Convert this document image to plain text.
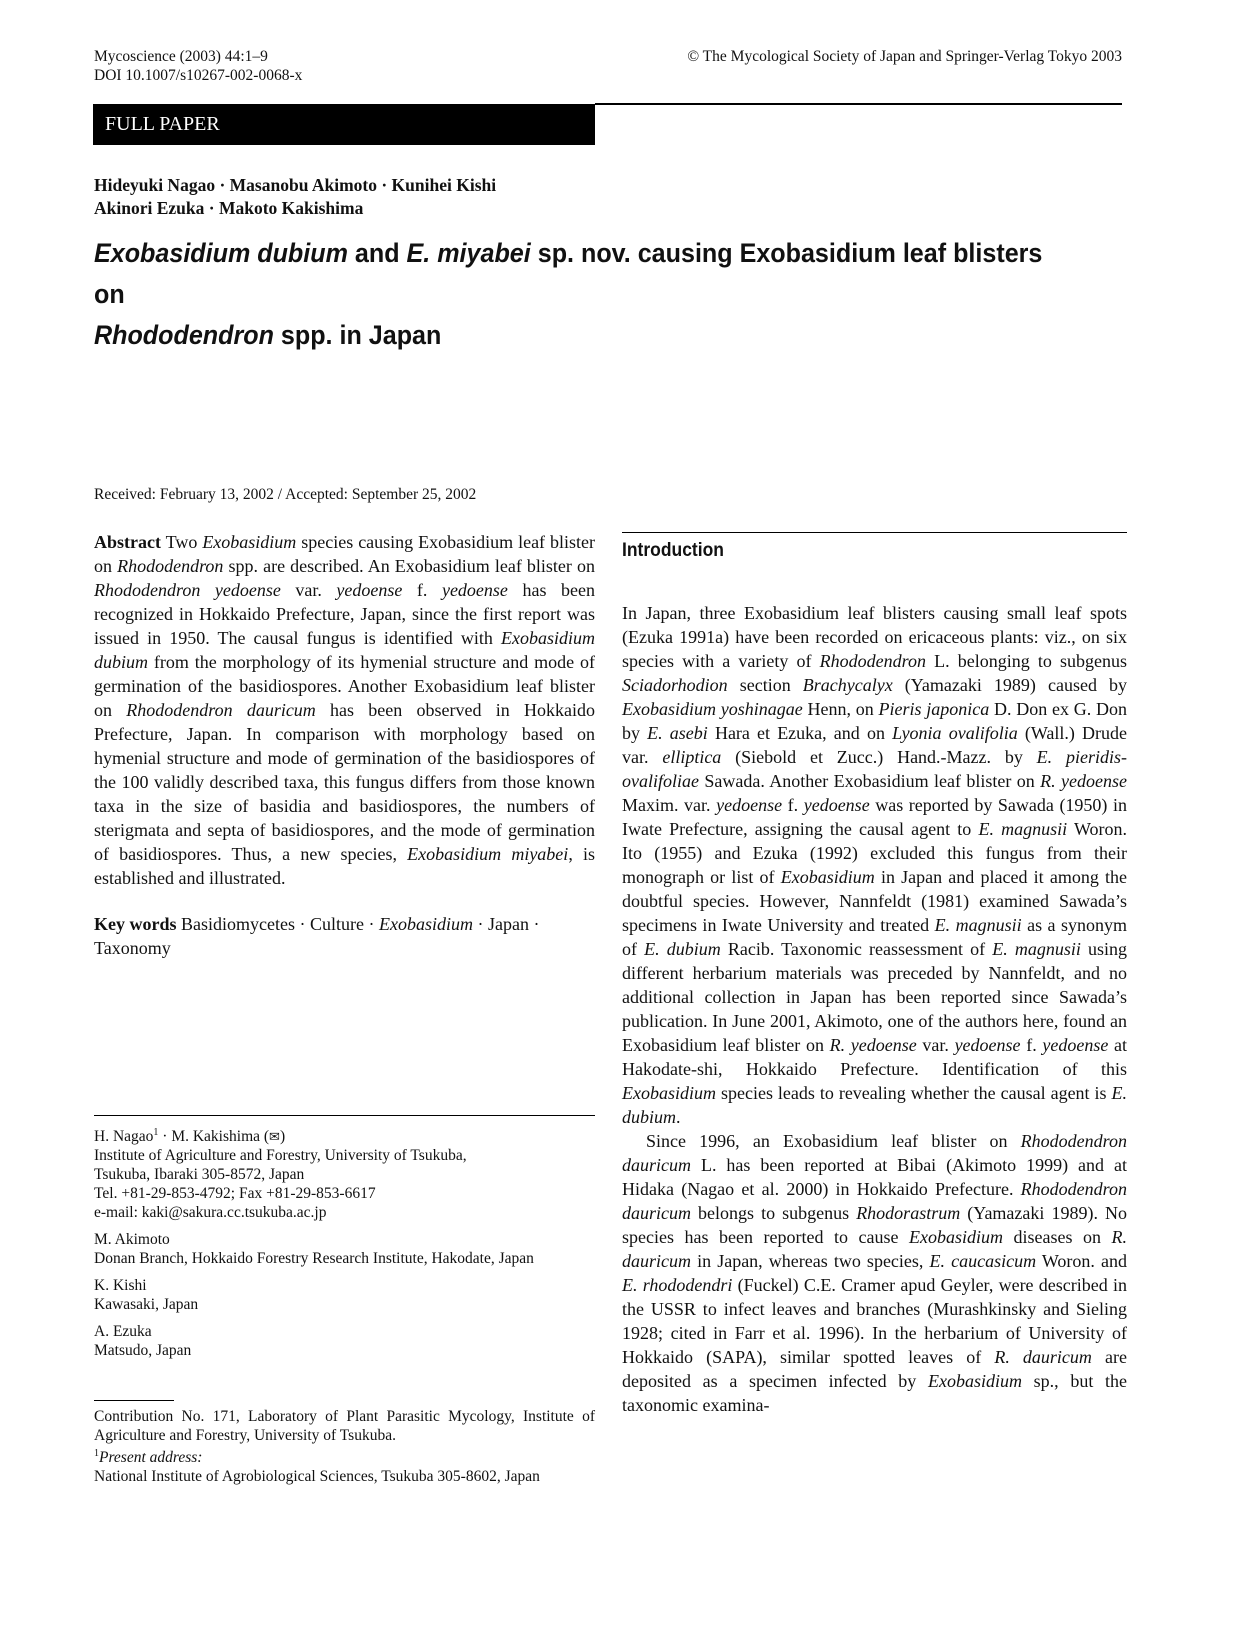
Mycoscience (2003) 44:1–9
DOI 10.1007/s10267-002-0068-x
© The Mycological Society of Japan and Springer-Verlag Tokyo 2003
FULL PAPER
Hideyuki Nagao · Masanobu Akimoto · Kunihei Kishi
Akinori Ezuka · Makoto Kakishima
Exobasidium dubium and E. miyabei sp. nov. causing Exobasidium leaf blisters on
Rhododendron spp. in Japan
Received: February 13, 2002 / Accepted: September 25, 2002

Abstract Two Exobasidium species causing Exobasidium leaf blister on Rhododendron spp. are described. An Exobasidium leaf blister on Rhododendron yedoense var. yedoense f. yedoense has been recognized in Hokkaido Prefecture, Japan, since the first report was issued in 1950. The causal fungus is identified with Exobasidium dubium from the morphology of its hymenial structure and mode of germination of the basidiospores. Another Exobasidium leaf blister on Rhododendron dauricum has been observed in Hokkaido Prefecture, Japan. In comparison with morphology based on hymenial structure and mode of germination of the basidiospores of the 100 validly described taxa, this fungus differs from those known taxa in the size of basidia and basidiospores, the numbers of sterigmata and septa of basidiospores, and the mode of germination of basidiospores. Thus, a new species, Exobasidium miyabei, is established and illustrated.

Key words Basidiomycetes · Culture · Exobasidium · Japan · Taxonomy

H. Nagao$^1$ · M. Kakishima (✉)
Institute of Agriculture and Forestry, University of Tsukuba,
Tsukuba, Ibaraki 305-8572, Japan
Tel. +81-29-853-4792; Fax +81-29-853-6617
e-mail: kaki@sakura.cc.tsukuba.ac.jp
M. Akimoto
Donan Branch, Hokkaido Forestry Research Institute, Hakodate, Japan
K. Kishi
Kawasaki, Japan
A. Ezuka
Matsudo, Japan
Contribution No. 171, Laboratory of Plant Parasitic Mycology, Institute of Agriculture and Forestry, University of Tsukuba.
$^1$Present address:
National Institute of Agrobiological Sciences, Tsukuba 305-8602, Japan
Introduction

In Japan, three Exobasidium leaf blisters causing small leaf spots (Ezuka 1991a) have been recorded on ericaceous plants: viz., on six species with a variety of Rhododendron L. belonging to subgenus Sciadorhodion section Brachycalyx (Yamazaki 1989) caused by Exobasidium yoshinagae Henn, on Pieris japonica D. Don ex G. Don by E. asebi Hara et Ezuka, and on Lyonia ovalifolia (Wall.) Drude var. elliptica (Siebold et Zucc.) Hand.-Mazz. by E. pieridis-ovalifoliae Sawada. Another Exobasidium leaf blister on R. yedoense Maxim. var. yedoense f. yedoense was reported by Sawada (1950) in Iwate Prefecture, assigning the causal agent to E. magnusii Woron. Ito (1955) and Ezuka (1992) excluded this fungus from their monograph or list of Exobasidium in Japan and placed it among the doubtful species. However, Nannfeldt (1981) examined Sawada’s specimens in Iwate University and treated E. magnusii as a synonym of E. dubium Racib. Taxonomic reassessment of E. magnusii using different herbarium materials was preceded by Nannfeldt, and no additional collection in Japan has been reported since Sawada’s publication. In June 2001, Akimoto, one of the authors here, found an Exobasidium leaf blister on R. yedoense var. yedoense f. yedoense at Hakodate-shi, Hokkaido Prefecture. Identification of this Exobasidium species leads to revealing whether the causal agent is E. dubium.

Since 1996, an Exobasidium leaf blister on Rhododendron dauricum L. has been reported at Bibai (Akimoto 1999) and at Hidaka (Nagao et al. 2000) in Hokkaido Prefecture. Rhododendron dauricum belongs to subgenus Rhodorastrum (Yamazaki 1989). No species has been reported to cause Exobasidium diseases on R. dauricum in Japan, whereas two species, E. caucasicum Woron. and E. rhododendri (Fuckel) C.E. Cramer apud Geyler, were described in the USSR to infect leaves and branches (Murashkinsky and Sieling 1928; cited in Farr et al. 1996). In the herbarium of University of Hokkaido (SAPA), similar spotted leaves of R. dauricum are deposited as a specimen infected by Exobasidium sp., but the taxonomic examina-
